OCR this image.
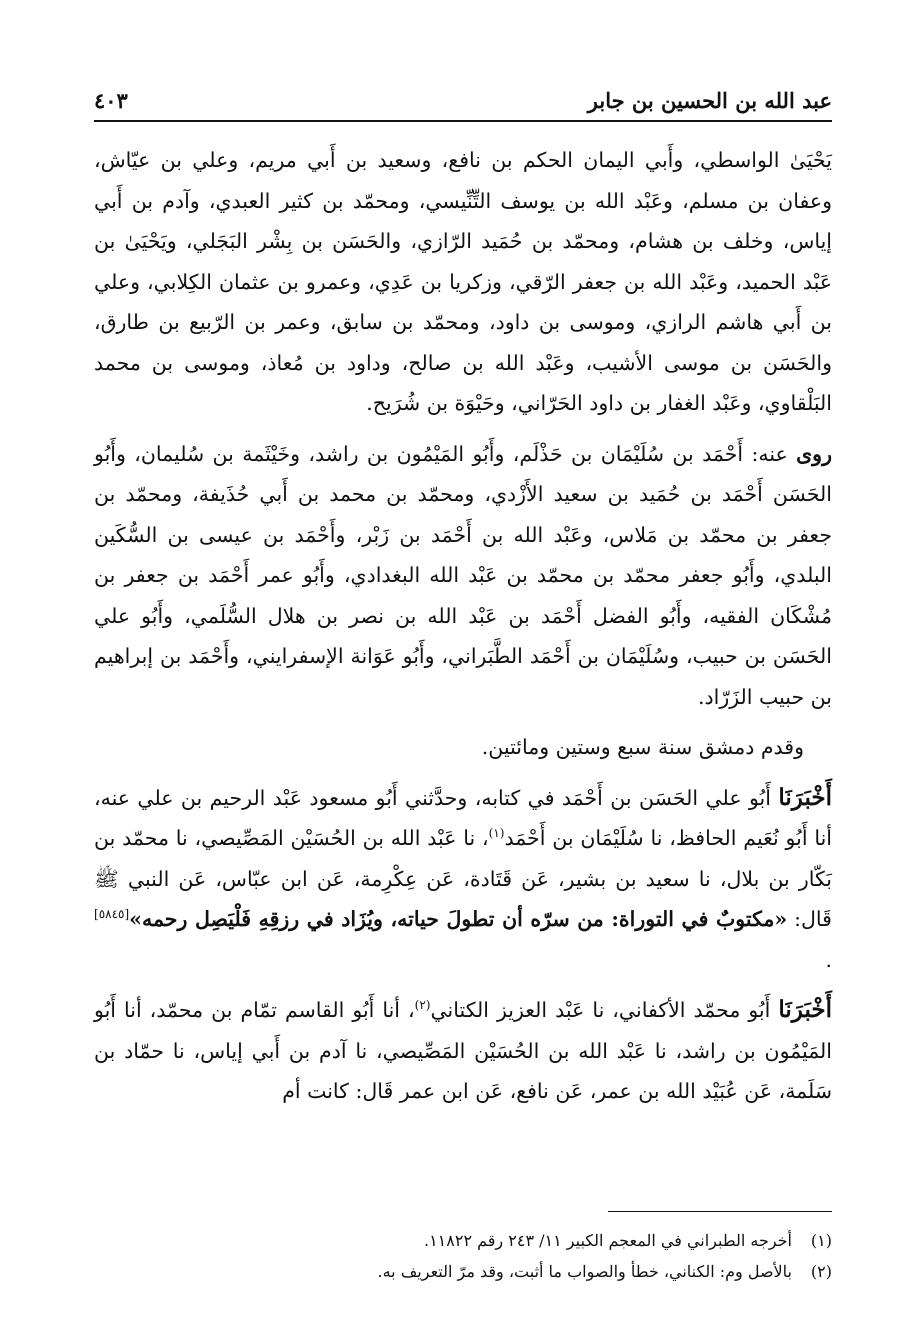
عبد الله بن الحسين بن جابر
٤٠٣

يَحْيَىٰ الواسطي، وأَبي اليمان الحكم بن نافع، وسعيد بن أَبي مريم، وعلي بن عيّاش، وعفان بن مسلم، وعَبْد الله بن يوسف التِّنِّيسي، ومحمّد بن كثير العبدي، وآدم بن أَبي إياس، وخلف بن هشام، ومحمّد بن حُمَيد الرّازي، والحَسَن بن بِشْر البَجَلي، ويَحْيَىٰ بن عَبْد الحميد، وعَبْد الله بن جعفر الرّقي، وزكريا بن عَدِي، وعمرو بن عثمان الكِلابي، وعلي بن أَبي هاشم الرازي، وموسى بن داود، ومحمّد بن سابق، وعمر بن الرّبيع بن طارق، والحَسَن بن موسى الأشيب، وعَبْد الله بن صالح، وداود بن مُعاذ، وموسى بن محمد البَلْقاوي، وعَبْد الغفار بن داود الحَرّاني، وحَيْوَة بن شُرَيح.

روى عنه: أَحْمَد بن سُلَيْمَان بن حَذْلَم، وأَبُو المَيْمُون بن راشد، وخَيْثَمة بن سُليمان، وأَبُو الحَسَن أَحْمَد بن حُمَيد بن سعيد الأَزْدي، ومحمّد بن محمد بن أَبي حُذَيفة، ومحمّد بن جعفر بن محمّد بن مَلاس، وعَبْد الله بن أَحْمَد بن زَبْر، وأَحْمَد بن عيسى بن السُّكَين البلدي، وأَبُو جعفر محمّد بن محمّد بن عَبْد الله البغدادي، وأَبُو عمر أَحْمَد بن جعفر بن مُشْكَان الفقيه، وأَبُو الفضل أَحْمَد بن عَبْد الله بن نصر بن هلال السُّلَمي، وأَبُو علي الحَسَن بن حبيب، وسُلَيْمَان بن أَحْمَد الطَّبَراني، وأَبُو عَوَانة الإسفرايني، وأَحْمَد بن إبراهيم بن حبيب الزَرّاد.

وقدم دمشق سنة سبع وستين ومائتين.

أَخْبَرَنَا أَبُو علي الحَسَن بن أَحْمَد في كتابه، وحدَّثني أَبُو مسعود عَبْد الرحيم بن علي عنه، أنا أَبُو نُعَيم الحافظ، نا سُلَيْمَان بن أَحْمَد$^{(١)}$، نا عَبْد الله بن الحُسَيْن المَصِّيصي، نا محمّد بن بَكّار بن بلال، نا سعيد بن بشير، عَن قَتَادة، عَن عِكْرِمة، عَن ابن عبّاس، عَن النبي ﷺ قَال: «مكتوبٌ في التوراة: من سرّه أن تطولَ حياته، ويُزَاد في رزقِهِ فَلْيَصِل رحمه»[٥٨٤٥] .

أَخْبَرَنَا أَبُو محمّد الأكفاني، نا عَبْد العزيز الكتاني$^{(٢)}$، أنا أَبُو القاسم تمّام بن محمّد، أنا أَبُو المَيْمُون بن راشد، نا عَبْد الله بن الحُسَيْن المَصِّيصي، نا آدم بن أَبي إياس، نا حمّاد بن سَلَمة، عَن عُبَيْد الله بن عمر، عَن نافع، عَن ابن عمر قَال: كانت أم

(١)أخرجه الطبراني في المعجم الكبير ١١/ ٢٤٣ رقم ١١٨٢٢.
(٢)بالأصل وم: الكناني، خطأ والصواب ما أثبت، وقد مرّ التعريف به.
